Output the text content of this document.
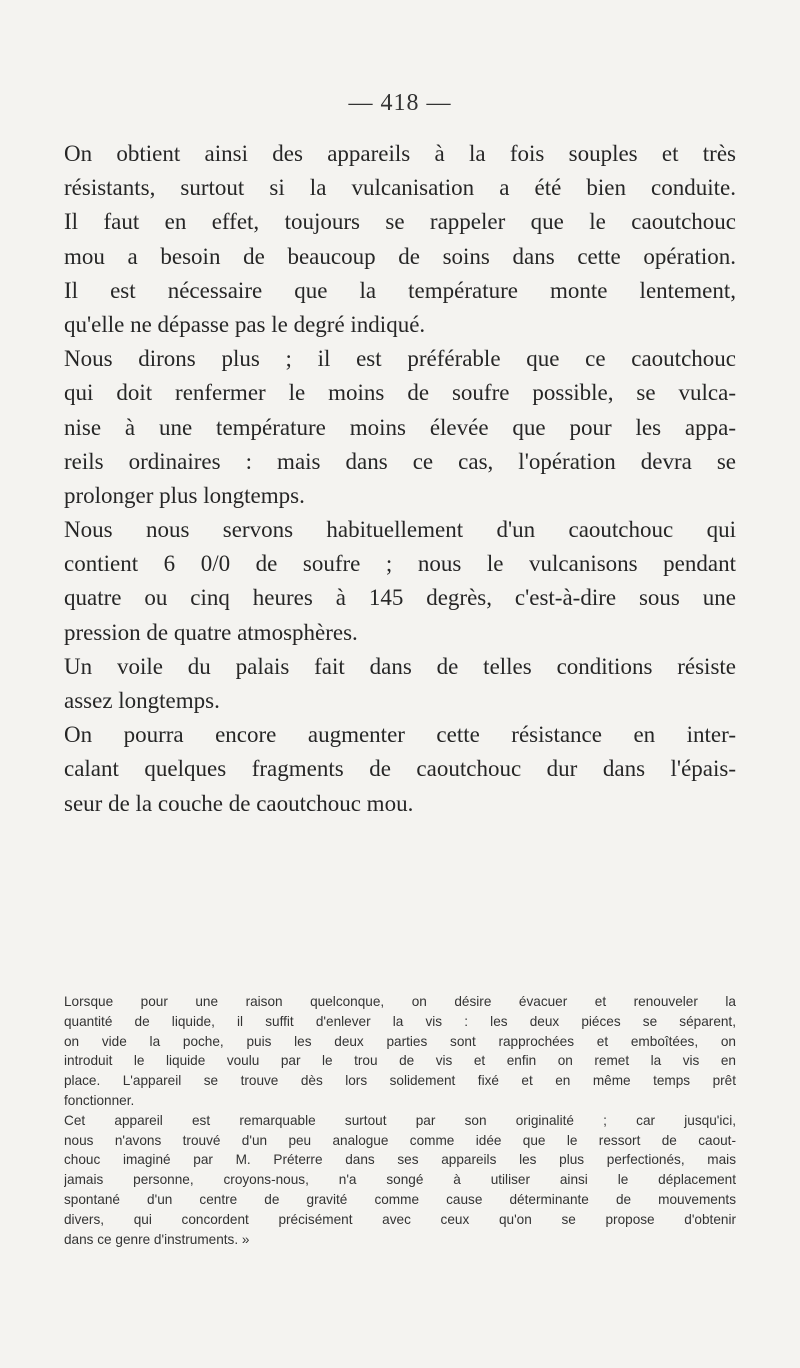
— 418 —
On obtient ainsi des appareils à la fois souples et très
résistants, surtout si la vulcanisation a été bien conduite.
Il faut en effet, toujours se rappeler que le caoutchouc
mou a besoin de beaucoup de soins dans cette opération.
Il est nécessaire que la température monte lentement,
qu'elle ne dépasse pas le degré indiqué.
Nous dirons plus ; il est préférable que ce caoutchouc
qui doit renfermer le moins de soufre possible, se vulca-
nise à une température moins élevée que pour les appa-
reils ordinaires : mais dans ce cas, l'opération devra se
prolonger plus longtemps.
Nous nous servons habituellement d'un caoutchouc qui
contient 6 0/0 de soufre ; nous le vulcanisons pendant
quatre ou cinq heures à 145 degrès, c'est-à-dire sous une
pression de quatre atmosphères.
Un voile du palais fait dans de telles conditions résiste
assez longtemps.
On pourra encore augmenter cette résistance en inter-
calant quelques fragments de caoutchouc dur dans l'épais-
seur de la couche de caoutchouc mou.
Lorsque pour une raison quelconque, on désire évacuer et renouveler la
quantité de liquide, il suffit d'enlever la vis : les deux piéces se séparent,
on vide la poche, puis les deux parties sont rapprochées et emboîtées, on
introduit le liquide voulu par le trou de vis et enfin on remet la vis en
place. L'appareil se trouve dès lors solidement fixé et en même temps prêt
fonctionner.
Cet appareil est remarquable surtout par son originalité ; car jusqu'ici,
nous n'avons trouvé d'un peu analogue comme idée que le ressort de caout-
chouc imaginé par M. Préterre dans ses appareils les plus perfectionés, mais
jamais personne, croyons-nous, n'a songé à utiliser ainsi le déplacement
spontané d'un centre de gravité comme cause déterminante de mouvements
divers, qui concordent précisément avec ceux qu'on se propose d'obtenir
dans ce genre d'instruments. »
